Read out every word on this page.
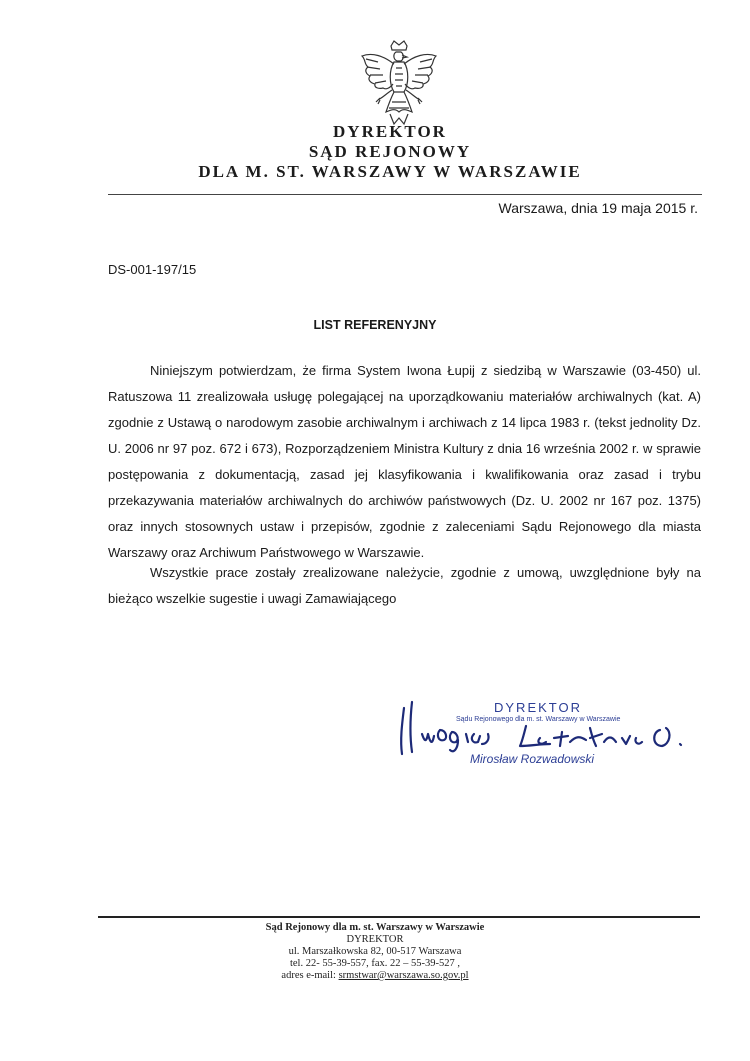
DYREKTOR
SĄD REJONOWY
DLA M. ST. WARSZAWY W WARSZAWIE
Warszawa, dnia 19 maja 2015 r.
DS-001-197/15
LIST REFERENYJNY
Niniejszym potwierdzam, że firma System Iwona Łupij z siedzibą w Warszawie (03-450) ul. Ratuszowa 11 zrealizowała usługę polegającej na uporządkowaniu materiałów archiwalnych (kat. A) zgodnie z Ustawą o narodowym zasobie archiwalnym i archiwach z 14 lipca 1983 r. (tekst jednolity Dz. U. 2006 nr 97 poz. 672 i 673), Rozporządzeniem Ministra Kultury z dnia 16 września 2002 r. w sprawie postępowania z dokumentacją, zasad jej klasyfikowania i kwalifikowania oraz zasad i trybu przekazywania materiałów archiwalnych do archiwów państwowych (Dz. U. 2002 nr 167 poz. 1375) oraz innych stosownych ustaw i przepisów, zgodnie z zaleceniami Sądu Rejonowego dla miasta Warszawy oraz Archiwum Państwowego w Warszawie.
Wszystkie prace zostały zrealizowane należycie, zgodnie z umową, uwzględnione były na bieżąco wszelkie sugestie i uwagi Zamawiającego
DYREKTOR
Sądu Rejonowego dla m. st. Warszawy w Warszawie
Mirosław Rozwadowski
Sąd Rejonowy dla m. st. Warszawy w Warszawie
DYREKTOR
ul. Marszałkowska 82, 00-517 Warszawa
tel. 22- 55-39-557, fax. 22 – 55-39-527 ,
adres e-mail: srmstwar@warszawa.so.gov.pl
